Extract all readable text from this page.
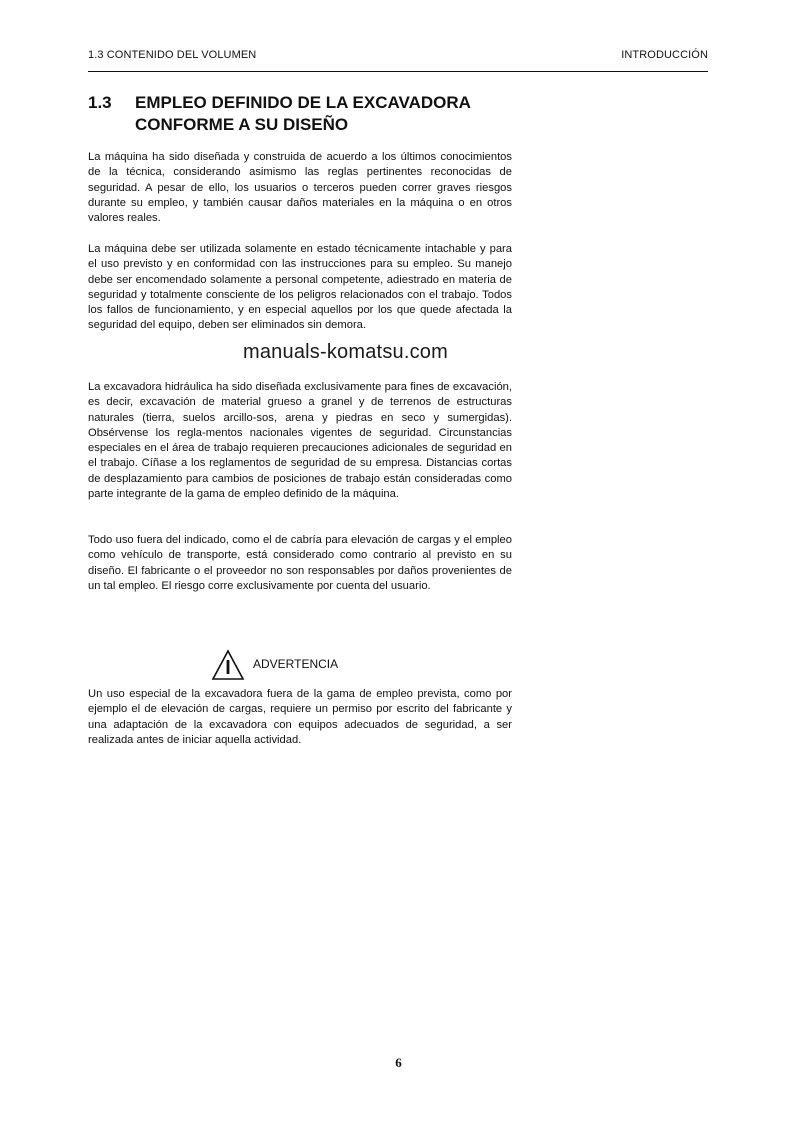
1.3 CONTENIDO DEL VOLUMEN	INTRODUCCIÓN
1.3 EMPLEO DEFINIDO DE LA EXCAVADORA
CONFORME A SU DISEÑO

La máquina ha sido diseñada y construida de acuerdo a los últimos conocimientos de la técnica, considerando asimismo las reglas pertinentes reconocidas de seguridad. A pesar de ello, los usuarios o terceros pueden correr graves riesgos durante su empleo, y también causar daños materiales en la máquina o en otros valores reales.

La máquina debe ser utilizada solamente en estado técnicamente intachable y para el uso previsto y en conformidad con las instrucciones para su empleo. Su manejo debe ser encomendado solamente a personal competente, adiestrado en materia de seguridad y totalmente consciente de los peligros relacionados con el trabajo. Todos los fallos de funcionamiento, y en especial aquellos por los que quede afectada la seguridad del equipo, deben ser eliminados sin demora.

La excavadora hidráulica ha sido diseñada exclusivamente para fines de excavación, es decir, excavación de material grueso a granel y de terrenos de estructuras naturales (tierra, suelos arcillo-sos, arena y piedras en seco y sumergidas). Obsérvense los regla-mentos nacionales vigentes de seguridad. Circunstancias especiales en el área de trabajo requieren precauciones adicionales de seguridad en el trabajo. Cíñase a los reglamentos de seguridad de su empresa. Distancias cortas de desplazamiento para cambios de posiciones de trabajo están consideradas como parte integrante de la gama de empleo definido de la máquina.

Todo uso fuera del indicado, como el de cabría para elevación de cargas y el empleo como vehículo de transporte, está considerado como contrario al previsto en su diseño. El fabricante o el proveedor no son responsables por daños provenientes de un tal empleo. El riesgo corre exclusivamente por cuenta del usuario.

ADVERTENCIA

Un uso especial de la excavadora fuera de la gama de empleo prevista, como por ejemplo el de elevación de cargas, requiere un permiso por escrito del fabricante y una adaptación de la excavadora con equipos adecuados de seguridad, a ser realizada antes de iniciar aquella actividad.

manuals-komatsu.com
6
